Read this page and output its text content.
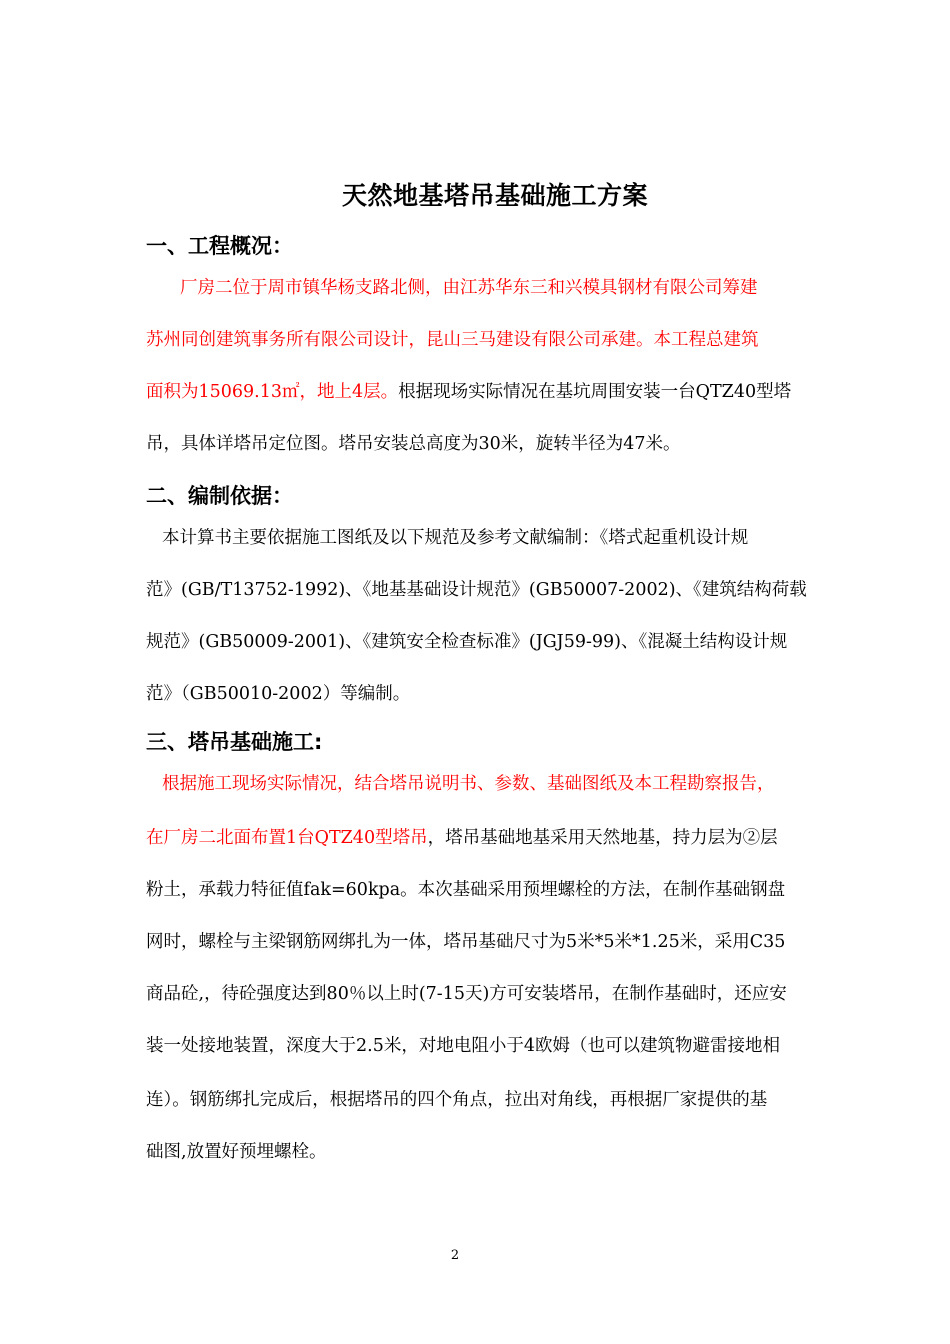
天然地基塔吊基础施工方案
一、工程概况：
厂房二位于周市镇华杨支路北侧，由江苏华东三和兴模具钢材有限公司筹建
苏州同创建筑事务所有限公司设计，昆山三马建设有限公司承建。本工程总建筑
面积为15069.13㎡，地上4层。根据现场实际情况在基坑周围安装一台QTZ40型塔
吊，具体详塔吊定位图。塔吊安装总高度为30米，旋转半径为47米。
二、编制依据：
本计算书主要依据施工图纸及以下规范及参考文献编制：《塔式起重机设计规
范》(GB/T13752-1992)、《地基基础设计规范》(GB50007-2002)、《建筑结构荷载
规范》(GB50009-2001)、《建筑安全检查标准》(JGJ59-99)、《混凝土结构设计规
范》（GB50010-2002）等编制。
三、塔吊基础施工:
根据施工现场实际情况，结合塔吊说明书、参数、基础图纸及本工程勘察报告，
在厂房二北面布置1台QTZ40型塔吊，塔吊基础地基采用天然地基，持力层为②层
粉土，承载力特征值fak=60kpa。本次基础采用预埋螺栓的方法，在制作基础钢盘
网时，螺栓与主梁钢筋网绑扎为一体，塔吊基础尺寸为5米*5米*1.25米，采用C35
商品砼,，待砼强度达到80％以上时(7-15天)方可安装塔吊，在制作基础时，还应安
装一处接地装置，深度大于2.5米，对地电阻小于4欧姆（也可以建筑物避雷接地相
连）。钢筋绑扎完成后，根据塔吊的四个角点，拉出对角线，再根据厂家提供的基
础图,放置好预埋螺栓。
2
